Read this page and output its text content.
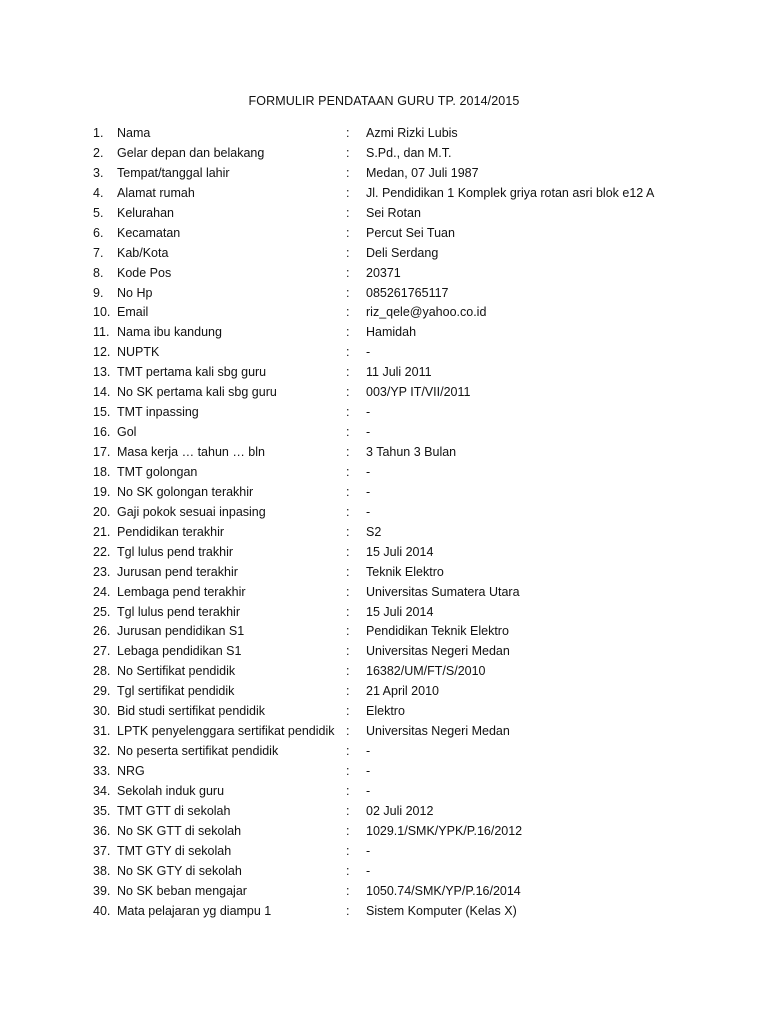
FORMULIR PENDATAAN GURU TP. 2014/2015
1.	Nama	:	Azmi Rizki Lubis
2.	Gelar depan dan belakang	:	S.Pd., dan M.T.
3.	Tempat/tanggal lahir	:	Medan, 07 Juli 1987
4.	Alamat rumah	:	Jl. Pendidikan 1 Komplek griya rotan asri blok e12 A
5.	Kelurahan	:	Sei Rotan
6.	Kecamatan	:	Percut Sei Tuan
7.	Kab/Kota	:	Deli Serdang
8.	Kode Pos	:	20371
9.	No Hp	:	085261765117
10. Email	:	riz_qele@yahoo.co.id
11. Nama ibu kandung	:	Hamidah
12. NUPTK	:	-
13. TMT pertama kali sbg guru	:	11 Juli 2011
14. No SK pertama kali sbg guru	:	003/YP IT/VII/2011
15. TMT inpassing	:	-
16. Gol	:	-
17. Masa kerja … tahun … bln	:	3 Tahun 3 Bulan
18. TMT golongan	:	-
19. No SK golongan terakhir	:	-
20. Gaji pokok sesuai inpasing	:	-
21. Pendidikan terakhir	:	S2
22. Tgl lulus pend trakhir	:	15 Juli 2014
23. Jurusan pend terakhir	:	Teknik Elektro
24. Lembaga pend terakhir	:	Universitas Sumatera Utara
25. Tgl lulus pend terakhir	:	15 Juli 2014
26. Jurusan pendidikan S1	:	Pendidikan Teknik Elektro
27. Lebaga pendidikan S1	:	Universitas Negeri Medan
28. No Sertifikat pendidik	:	16382/UM/FT/S/2010
29. Tgl sertifikat pendidik	:	21 April 2010
30. Bid studi sertifikat pendidik	:	Elektro
31. LPTK penyelenggara sertifikat pendidik :	Universitas Negeri Medan
32. No peserta sertifikat pendidik	:	-
33. NRG	:	-
34. Sekolah induk guru	:	-
35. TMT GTT di sekolah	:	02 Juli 2012
36. No SK GTT di sekolah	:	1029.1/SMK/YPK/P.16/2012
37. TMT GTY di sekolah	:	-
38. No SK GTY di sekolah	:	-
39. No SK beban mengajar	:	1050.74/SMK/YP/P.16/2014
40. Mata pelajaran yg diampu 1	:	Sistem Komputer (Kelas X)
